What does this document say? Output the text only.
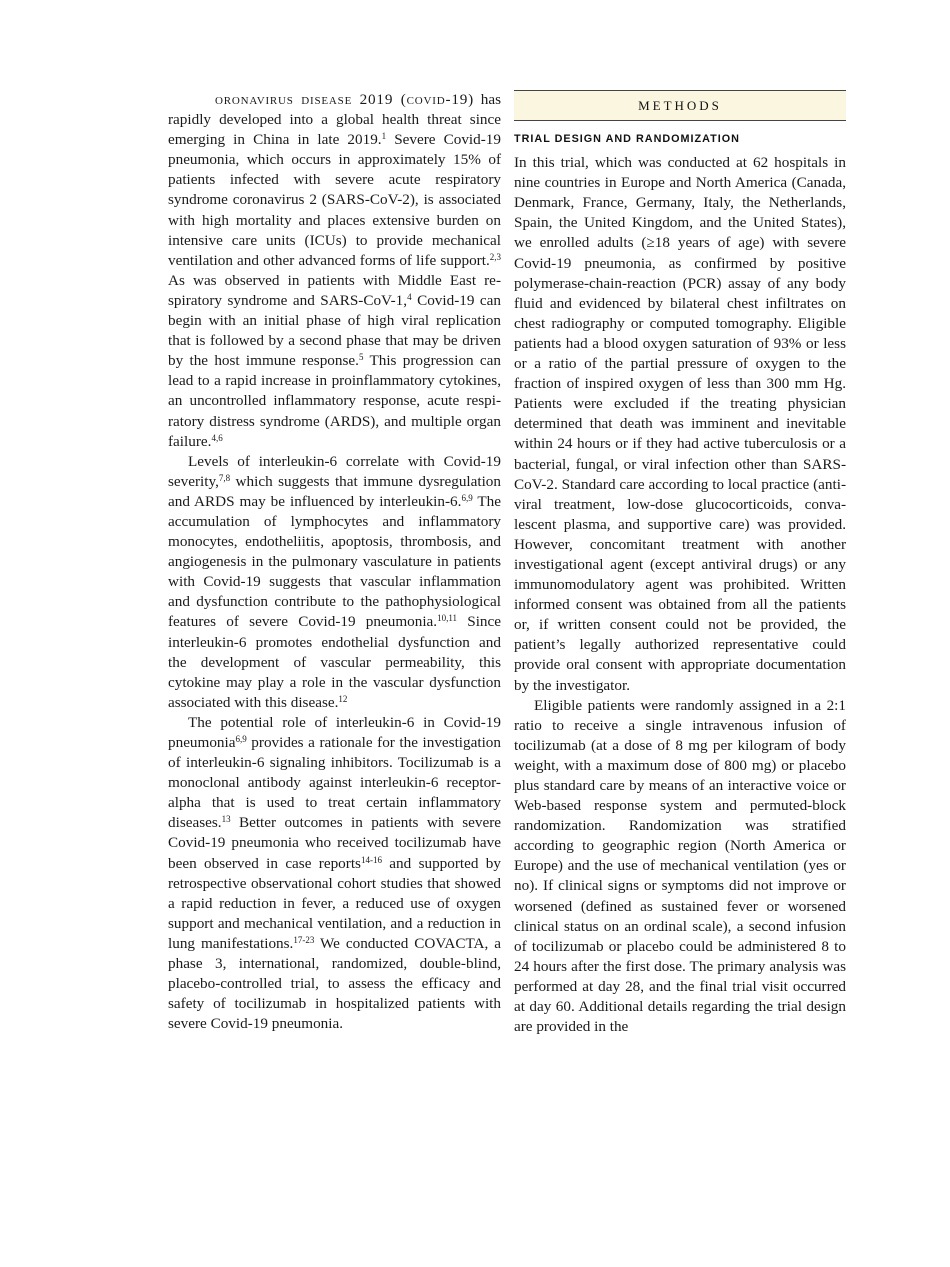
oronavirus disease 2019 (covid-19) has rapidly developed into a global health threat since emerging in China in late 2019.$^1$ Severe Covid-19 pneumonia, which occurs in approximately 15% of patients infected with severe acute respiratory syndrome coronavirus 2 (SARS-CoV-2), is associated with high mortality and places extensive burden on intensive care units (ICUs) to provide mechanical ventilation and other advanced forms of life support.$^{2,3}$ As was observed in patients with Middle East respiratory syndrome and SARS-CoV-1,$^4$ Covid-19 can begin with an initial phase of high viral replication that is followed by a second phase that may be driven by the host immune response.$^5$ This progression can lead to a rapid increase in proinflammatory cytokines, an uncontrolled inflammatory response, acute respiratory distress syndrome (ARDS), and multiple organ failure.$^{4,6}$

Levels of interleukin-6 correlate with Covid-19 severity,$^{7,8}$ which suggests that immune dysregulation and ARDS may be influenced by interleukin-6.$^{6,9}$ The accumulation of lymphocytes and inflammatory monocytes, endotheliitis, apoptosis, thrombosis, and angiogenesis in the pulmonary vasculature in patients with Covid-19 suggests that vascular inflammation and dysfunction contribute to the pathophysiological features of severe Covid-19 pneumonia.$^{10,11}$ Since interleukin-6 promotes endothelial dysfunction and the development of vascular permeability, this cytokine may play a role in the vascular dysfunction associated with this disease.$^{12}$

The potential role of interleukin-6 in Covid-19 pneumonia$^{6,9}$ provides a rationale for the investigation of interleukin-6 signaling inhibitors. Tocilizumab is a monoclonal antibody against interleukin-6 receptor-alpha that is used to treat certain inflammatory diseases.$^{13}$ Better outcomes in patients with severe Covid-19 pneumonia who received tocilizumab have been observed in case reports$^{14-16}$ and supported by retrospective observational cohort studies that showed a rapid reduction in fever, a reduced use of oxygen support and mechanical ventilation, and a reduction in lung manifestations.$^{17-23}$ We conducted COVACTA, a phase 3, international, randomized, double-blind, placebo-controlled trial, to assess the efficacy and safety of tocilizumab in hospitalized patients with severe Covid-19 pneumonia.

METHODS
TRIAL DESIGN AND RANDOMIZATION

In this trial, which was conducted at 62 hospitals in nine countries in Europe and North America (Canada, Denmark, France, Germany, Italy, the Netherlands, Spain, the United Kingdom, and the United States), we enrolled adults (≥18 years of age) with severe Covid-19 pneumonia, as confirmed by positive polymerase-chain-reaction (PCR) assay of any body fluid and evidenced by bilateral chest infiltrates on chest radiography or computed tomography. Eligible patients had a blood oxygen saturation of 93% or less or a ratio of the partial pressure of oxygen to the fraction of inspired oxygen of less than 300 mm Hg. Patients were excluded if the treating physician determined that death was imminent and inevitable within 24 hours or if they had active tuberculosis or a bacterial, fungal, or viral infection other than SARS-CoV-2. Standard care according to local practice (antiviral treatment, low-dose glucocorticoids, convalescent plasma, and supportive care) was provided. However, concomitant treatment with another investigational agent (except antiviral drugs) or any immunomodulatory agent was prohibited. Written informed consent was obtained from all the patients or, if written consent could not be provided, the patient’s legally authorized representative could provide oral consent with appropriate documentation by the investigator.

Eligible patients were randomly assigned in a 2:1 ratio to receive a single intravenous infusion of tocilizumab (at a dose of 8 mg per kilogram of body weight, with a maximum dose of 800 mg) or placebo plus standard care by means of an interactive voice or Web-based response system and permuted-block randomization. Randomization was stratified according to geographic region (North America or Europe) and the use of mechanical ventilation (yes or no). If clinical signs or symptoms did not improve or worsened (defined as sustained fever or worsened clinical status on an ordinal scale), a second infusion of tocilizumab or placebo could be administered 8 to 24 hours after the first dose. The primary analysis was performed at day 28, and the final trial visit occurred at day 60. Additional details regarding the trial design are provided in the
